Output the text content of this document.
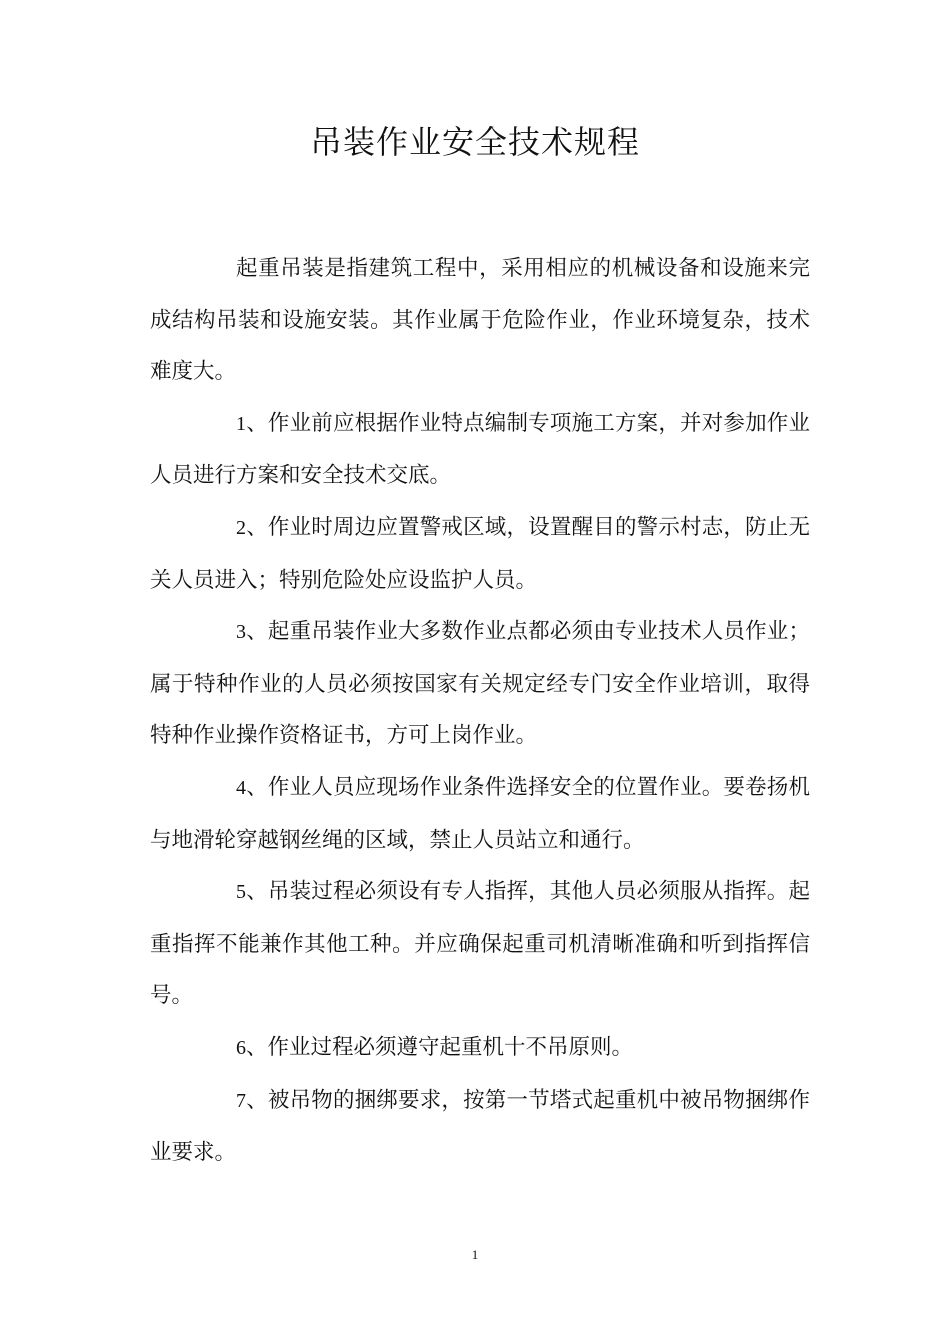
吊装作业安全技术规程

起重吊装是指建筑工程中，采用相应的机械设备和设施来完成结构吊装和设施安装。其作业属于危险作业，作业环境复杂，技术难度大。

1、作业前应根据作业特点编制专项施工方案，并对参加作业人员进行方案和安全技术交底。

2、作业时周边应置警戒区域，设置醒目的警示村志，防止无关人员进入；特别危险处应设监护人员。

3、起重吊装作业大多数作业点都必须由专业技术人员作业；属于特种作业的人员必须按国家有关规定经专门安全作业培训，取得特种作业操作资格证书，方可上岗作业。

4、作业人员应现场作业条件选择安全的位置作业。要卷扬机与地滑轮穿越钢丝绳的区域，禁止人员站立和通行。

5、吊装过程必须设有专人指挥，其他人员必须服从指挥。起重指挥不能兼作其他工种。并应确保起重司机清晰准确和听到指挥信号。

6、作业过程必须遵守起重机十不吊原则。

7、被吊物的捆绑要求，按第一节塔式起重机中被吊物捆绑作业要求。

1
